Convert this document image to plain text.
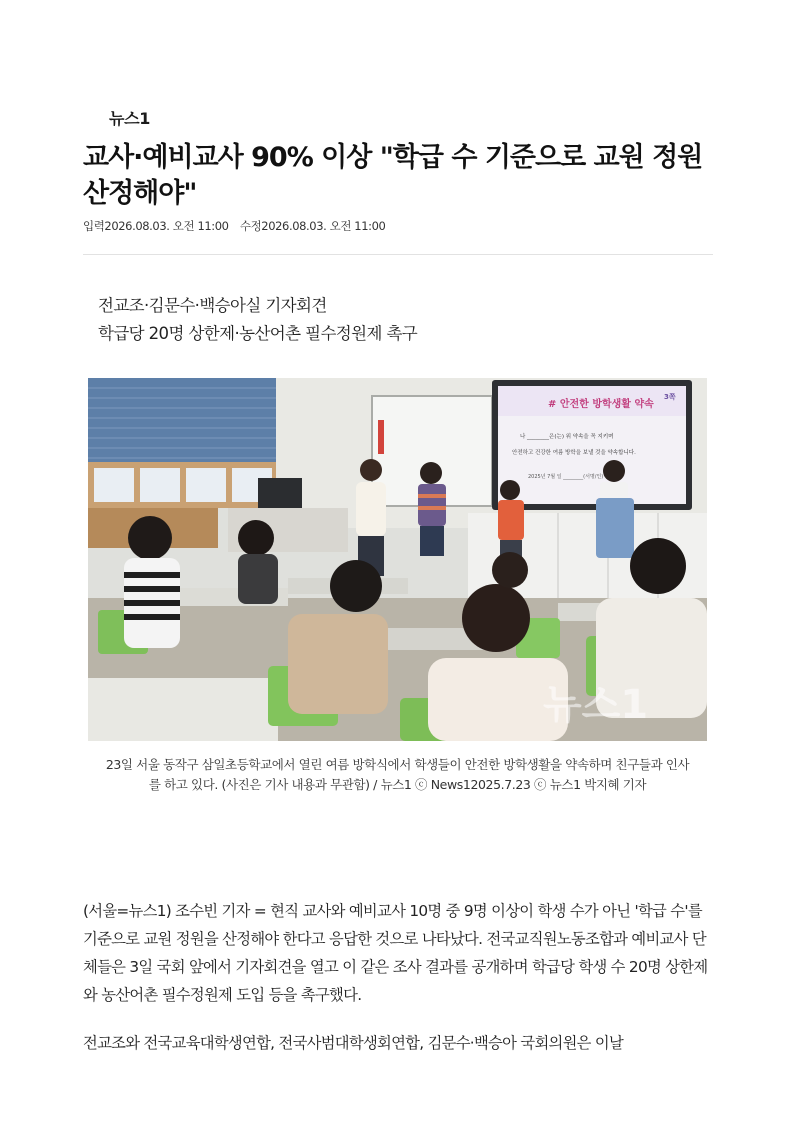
뉴스1
교사·예비교사 90% 이상 "학급 수 기준으로 교원 정원 산정해야"
입력2026.08.03. 오전 11:00 수정2026.08.03. 오전 11:00
전교조·김문수·백승아실 기자회견
학급당 20명 상한제·농산어촌 필수정원제 촉구
# 안전한 방학생활 약속
3쪽
나 ________은(는) 위 약속을 꼭 지키며
안전하고 건강한 여름 방학을 보낼 것을 약속합니다.
2025년 7월 일 ________(서명/인)
뉴스1
23일 서울 동작구 삼일초등학교에서 열린 여름 방학식에서 학생들이 안전한 방학생활을 약속하며 친구들과 인사를 하고 있다. (사진은 기사 내용과 무관함) / 뉴스1 ⓒ News12025.7.23 ⓒ 뉴스1 박지혜 기자

(서울=뉴스1) 조수빈 기자 = 현직 교사와 예비교사 10명 중 9명 이상이 학생 수가 아닌 '학급 수'를 기준으로 교원 정원을 산정해야 한다고 응답한 것으로 나타났다. 전국교직원노동조합과 예비교사 단체들은 3일 국회 앞에서 기자회견을 열고 이 같은 조사 결과를 공개하며 학급당 학생 수 20명 상한제와 농산어촌 필수정원제 도입 등을 촉구했다.

전교조와 전국교육대학생연합, 전국사범대학생회연합, 김문수·백승아 국회의원은 이날
